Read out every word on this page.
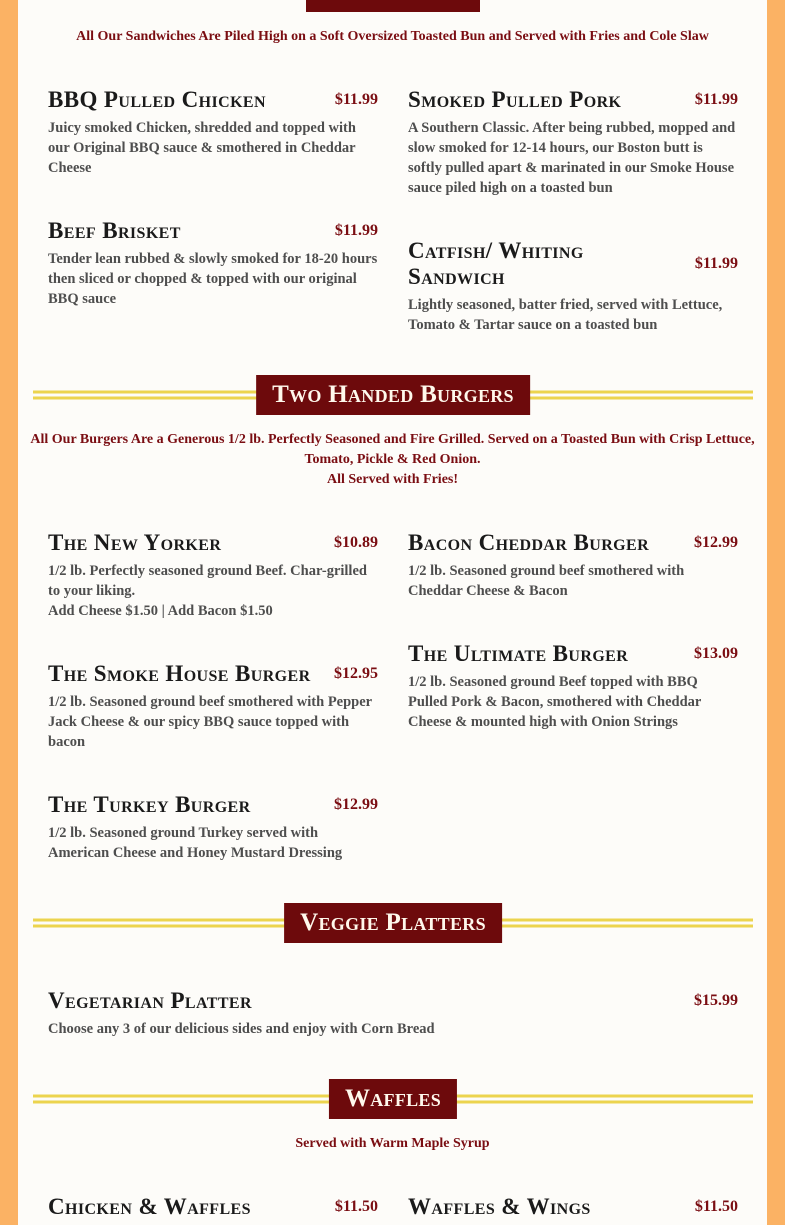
All Our Sandwiches Are Piled High on a Soft Oversized Toasted Bun and Served with Fries and Cole Slaw
BBQ Pulled Chicken	$11.99
Juicy smoked Chicken, shredded and topped with our Original BBQ sauce & smothered in Cheddar Cheese
Smoked Pulled Pork	$11.99
A Southern Classic. After being rubbed, mopped and slow smoked for 12-14 hours, our Boston butt is softly pulled apart & marinated in our Smoke House sauce piled high on a toasted bun
Beef Brisket	$11.99
Tender lean rubbed & slowly smoked for 18-20 hours then sliced or chopped & topped with our original BBQ sauce
Catfish/ Whiting Sandwich
$11.99
Lightly seasoned, batter fried, served with Lettuce, Tomato & Tartar sauce on a toasted bun
Two Handed Burgers
All Our Burgers Are a Generous 1/2 lb. Perfectly Seasoned and Fire Grilled. Served on a Toasted Bun with Crisp Lettuce, Tomato, Pickle & Red Onion.
All Served with Fries!
The New Yorker	$10.89
1/2 lb. Perfectly seasoned ground Beef. Char-grilled to your liking.
Add Cheese $1.50 | Add Bacon $1.50
Bacon Cheddar Burger	$12.99
1/2 lb. Seasoned ground beef smothered with Cheddar Cheese & Bacon
The Smoke House Burger	$12.95
1/2 lb. Seasoned ground beef smothered with Pepper Jack Cheese & our spicy BBQ sauce topped with bacon
The Ultimate Burger	$13.09
1/2 lb. Seasoned ground Beef topped with BBQ Pulled Pork & Bacon, smothered with Cheddar Cheese & mounted high with Onion Strings
The Turkey Burger	$12.99
1/2 lb. Seasoned ground Turkey served with American Cheese and Honey Mustard Dressing
Veggie Platters
Vegetarian Platter	$15.99
Choose any 3 of our delicious sides and enjoy with Corn Bread
Waffles
Served with Warm Maple Syrup
Chicken & Waffles	$11.50 Waffles & Wings	$11.50
